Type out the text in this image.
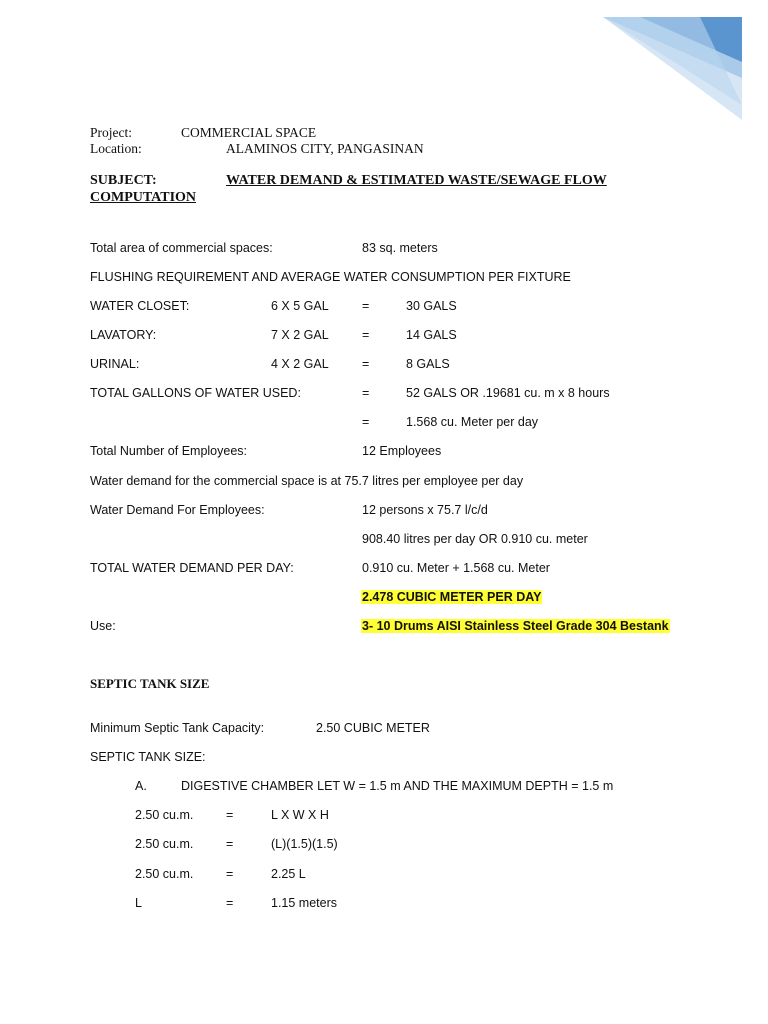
Project:	COMMERCIAL SPACE
Location:	ALAMINOS CITY, PANGASINAN
SUBJECT:	WATER DEMAND & ESTIMATED WASTE/SEWAGE FLOW
COMPUTATION
Total area of commercial spaces:	83 sq. meters
FLUSHING REQUIREMENT AND AVERAGE WATER CONSUMPTION PER FIXTURE
WATER CLOSET:	6 X 5 GAL	=	30 GALS
LAVATORY:	7 X 2 GAL	=	14 GALS
URINAL:	4 X 2 GAL	=	8 GALS
TOTAL GALLONS OF WATER USED:	=	52 GALS OR .19681 cu. m x 8 hours
=	1.568 cu. Meter per day
Total Number of Employees:	12 Employees
Water demand for the commercial space is at 75.7 litres per employee per day
Water Demand For Employees:	12 persons x 75.7 l/c/d
908.40 litres per day OR 0.910 cu. meter
TOTAL WATER DEMAND PER DAY:	0.910 cu. Meter + 1.568 cu. Meter
2.478 CUBIC METER PER DAY
Use:	3- 10 Drums AISI Stainless Steel Grade 304 Bestank
SEPTIC TANK SIZE
Minimum Septic Tank Capacity:	2.50 CUBIC METER
SEPTIC TANK SIZE:
A.	DIGESTIVE CHAMBER LET W = 1.5 m AND THE MAXIMUM DEPTH = 1.5 m
2.50 cu.m.	=	L X W X H
2.50 cu.m.	=	(L)(1.5)(1.5)
2.50 cu.m.	=	2.25 L
L	=	1.15 meters
